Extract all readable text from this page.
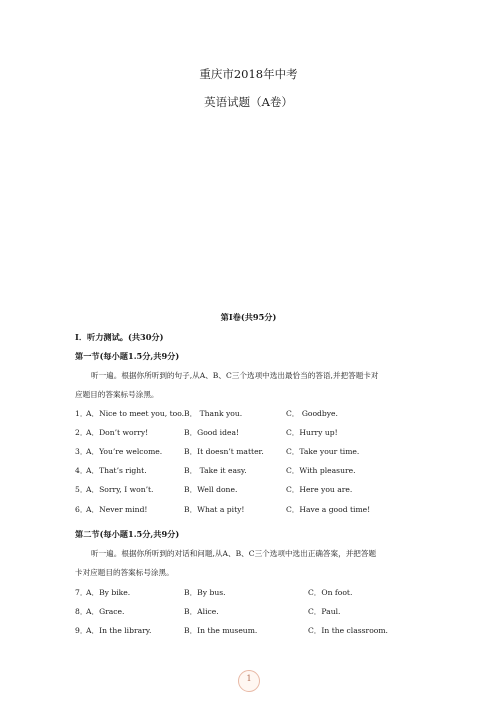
重庆市2018年中考
英语试题（A卷）
第Ⅰ卷(共95分)
Ⅰ．听力测试。(共30分)
第一节(每小题1.5分,共9分)
听一遍。根据你所听到的句子,从A、B、C三个选项中选出最恰当的答语,并把答题卡对
应题目的答案标号涂黑。
1．
A．Nice to meet you, too. B． Thank you.	C． Goodbye.
2．
A．Don’t worry!	B．Good idea!	C．Hurry up!
3．
A．You’re welcome.	B．It doesn’t matter.	C．Take your time.
4．
A．That’s right.	B． Take it easy.	C．With pleasure.
5．
A．Sorry, I won’t.	B．Well done.	C．Here you are.
6．
A．Never mind!	B．What a pity!	C．Have a good time!
第二节(每小题1.5分,共9分)
听一遍。根据你所听到的对话和问题,从A、B、C三个选项中选出正确答案，并把答题
卡对应题目的答案标号涂黑。
7．
A．By bike.	B．By bus.	C．On foot.
8．
A．Grace.	B．Alice.	C．Paul.
9．
A．In the library.	B．In the museum.	C．In the classroom.
1
